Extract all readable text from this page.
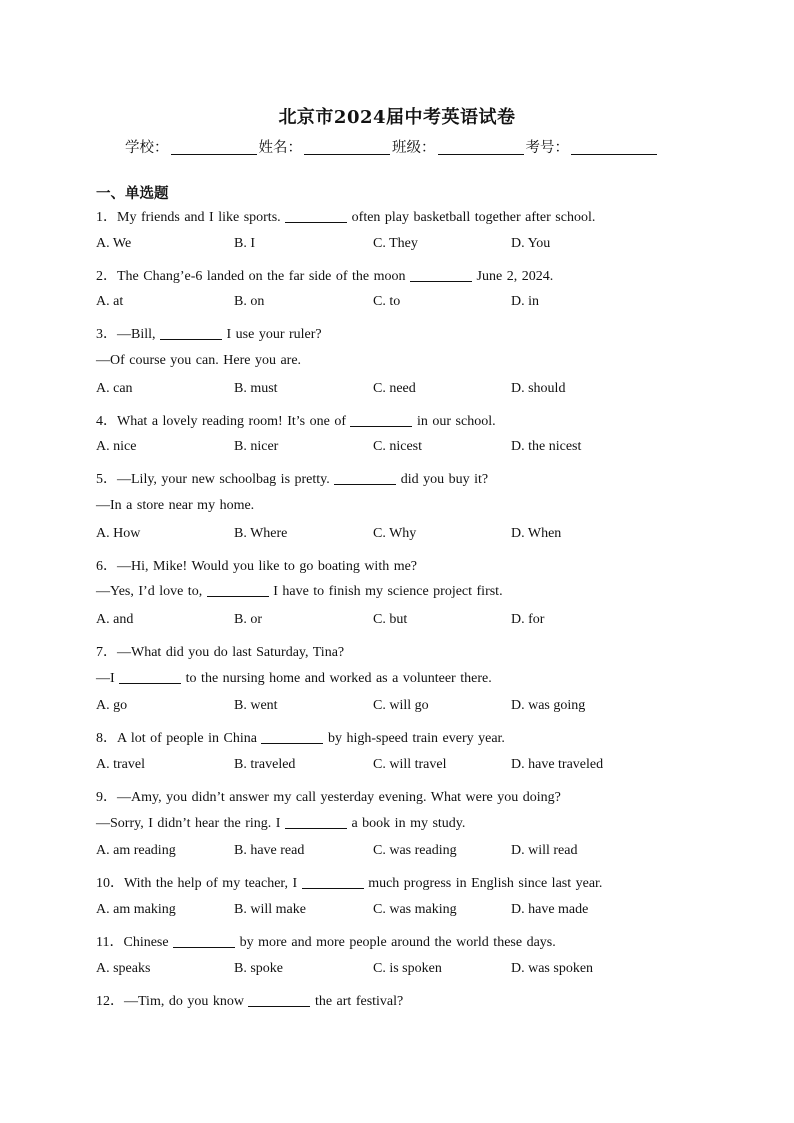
北京市2024届中考英语试卷
学校：	姓名：	班级：	考号：
一、单选题
1．My friends and I like sports.	often play basketball together after school.
A. We	B. I	C. They	D. You
2．The Chang’e-6 landed on the far side of the moon	June 2, 2024.
A. at	B. on	C. to	D. in
3．—Bill,	I use your ruler?
—Of course you can. Here you are.
A. can	B. must	C. need	D. should
4．What a lovely reading room! It’s one of	in our school.
A. nice	B. nicer	C. nicest	D. the nicest
5．—Lily, your new schoolbag is pretty.	did you buy it?
—In a store near my home.
A. How	B. Where	C. Why	D. When
6．—Hi, Mike! Would you like to go boating with me?
—Yes, I’d love to,	I have to finish my science project first.
A. and	B. or	C. but	D. for
7．—What did you do last Saturday, Tina?
—I	to the nursing home and worked as a volunteer there.
A. go	B. went	C. will go	D. was going
8．A lot of people in China	by high-speed train every year.
A. travel	B. traveled	C. will travel	D. have traveled
9．—Amy, you didn’t answer my call yesterday evening. What were you doing?
—Sorry, I didn’t hear the ring. I	a book in my study.
A. am reading	B. have read	C. was reading	D. will read
10．With the help of my teacher, I	much progress in English since last year.
A. am making	B. will make	C. was making	D. have made
11．Chinese	by more and more people around the world these days.
A. speaks	B. spoke	C. is spoken	D. was spoken
12．—Tim, do you know	the art festival?
